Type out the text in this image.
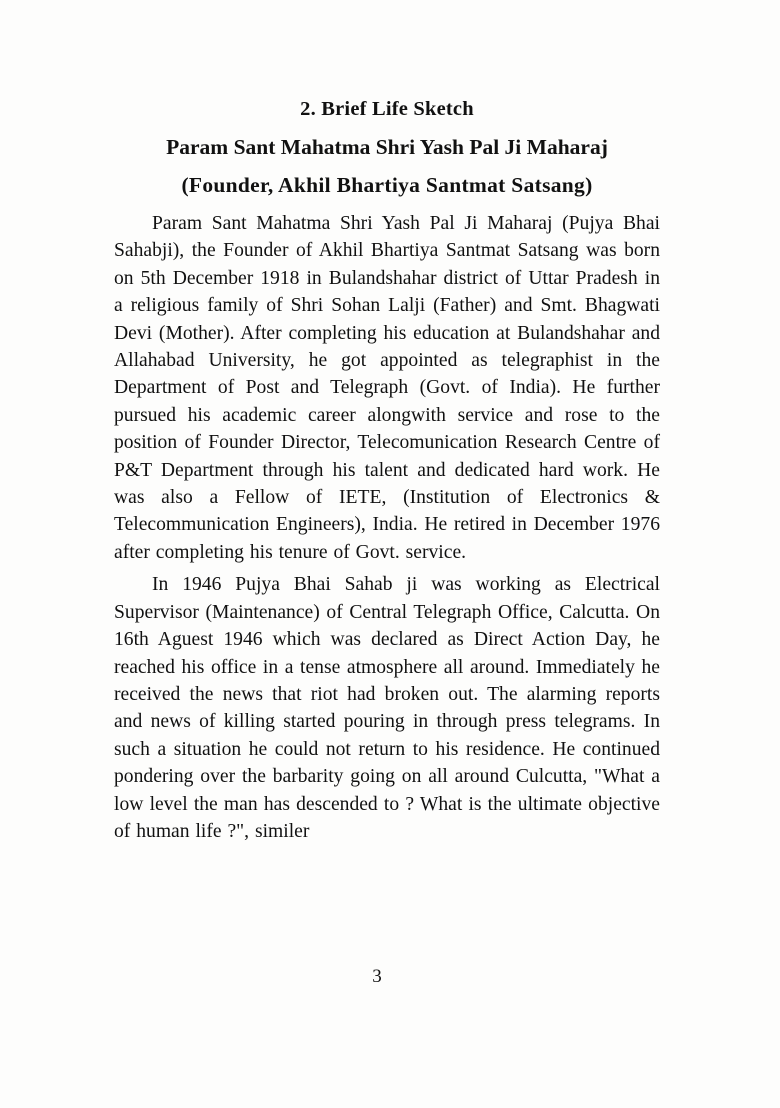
2. Brief Life Sketch
Param Sant Mahatma Shri Yash Pal Ji Maharaj
(Founder, Akhil Bhartiya Santmat Satsang)

Param Sant Mahatma Shri Yash Pal Ji Maharaj (Pujya Bhai Sahabji), the Founder of Akhil Bhartiya Santmat Satsang was born on 5th December 1918 in Bulandshahar district of Uttar Pradesh in a religious family of Shri Sohan Lalji (Father) and Smt. Bhagwati Devi (Mother). After completing his education at Bulandshahar and Allahabad University, he got appointed as telegraphist in the Department of Post and Telegraph (Govt. of India). He further pursued his academic career alongwith service and rose to the position of Founder Director, Telecomunication Research Centre of P&T Department through his talent and dedicated hard work. He was also a Fellow of IETE, (Institution of Electronics & Telecommunication Engineers), India. He retired in December 1976 after completing his tenure of Govt. service.

In 1946 Pujya Bhai Sahab ji was working as Electrical Supervisor (Maintenance) of Central Telegraph Office, Calcutta. On 16th Aguest 1946 which was declared as Direct Action Day, he reached his office in a tense atmosphere all around. Immediately he received the news that riot had broken out. The alarming reports and news of killing started pouring in through press telegrams. In such a situation he could not return to his residence. He continued pondering over the barbarity going on all around Culcutta, "What a low level the man has descended to ? What is the ultimate objective of human life ?", similer

3
